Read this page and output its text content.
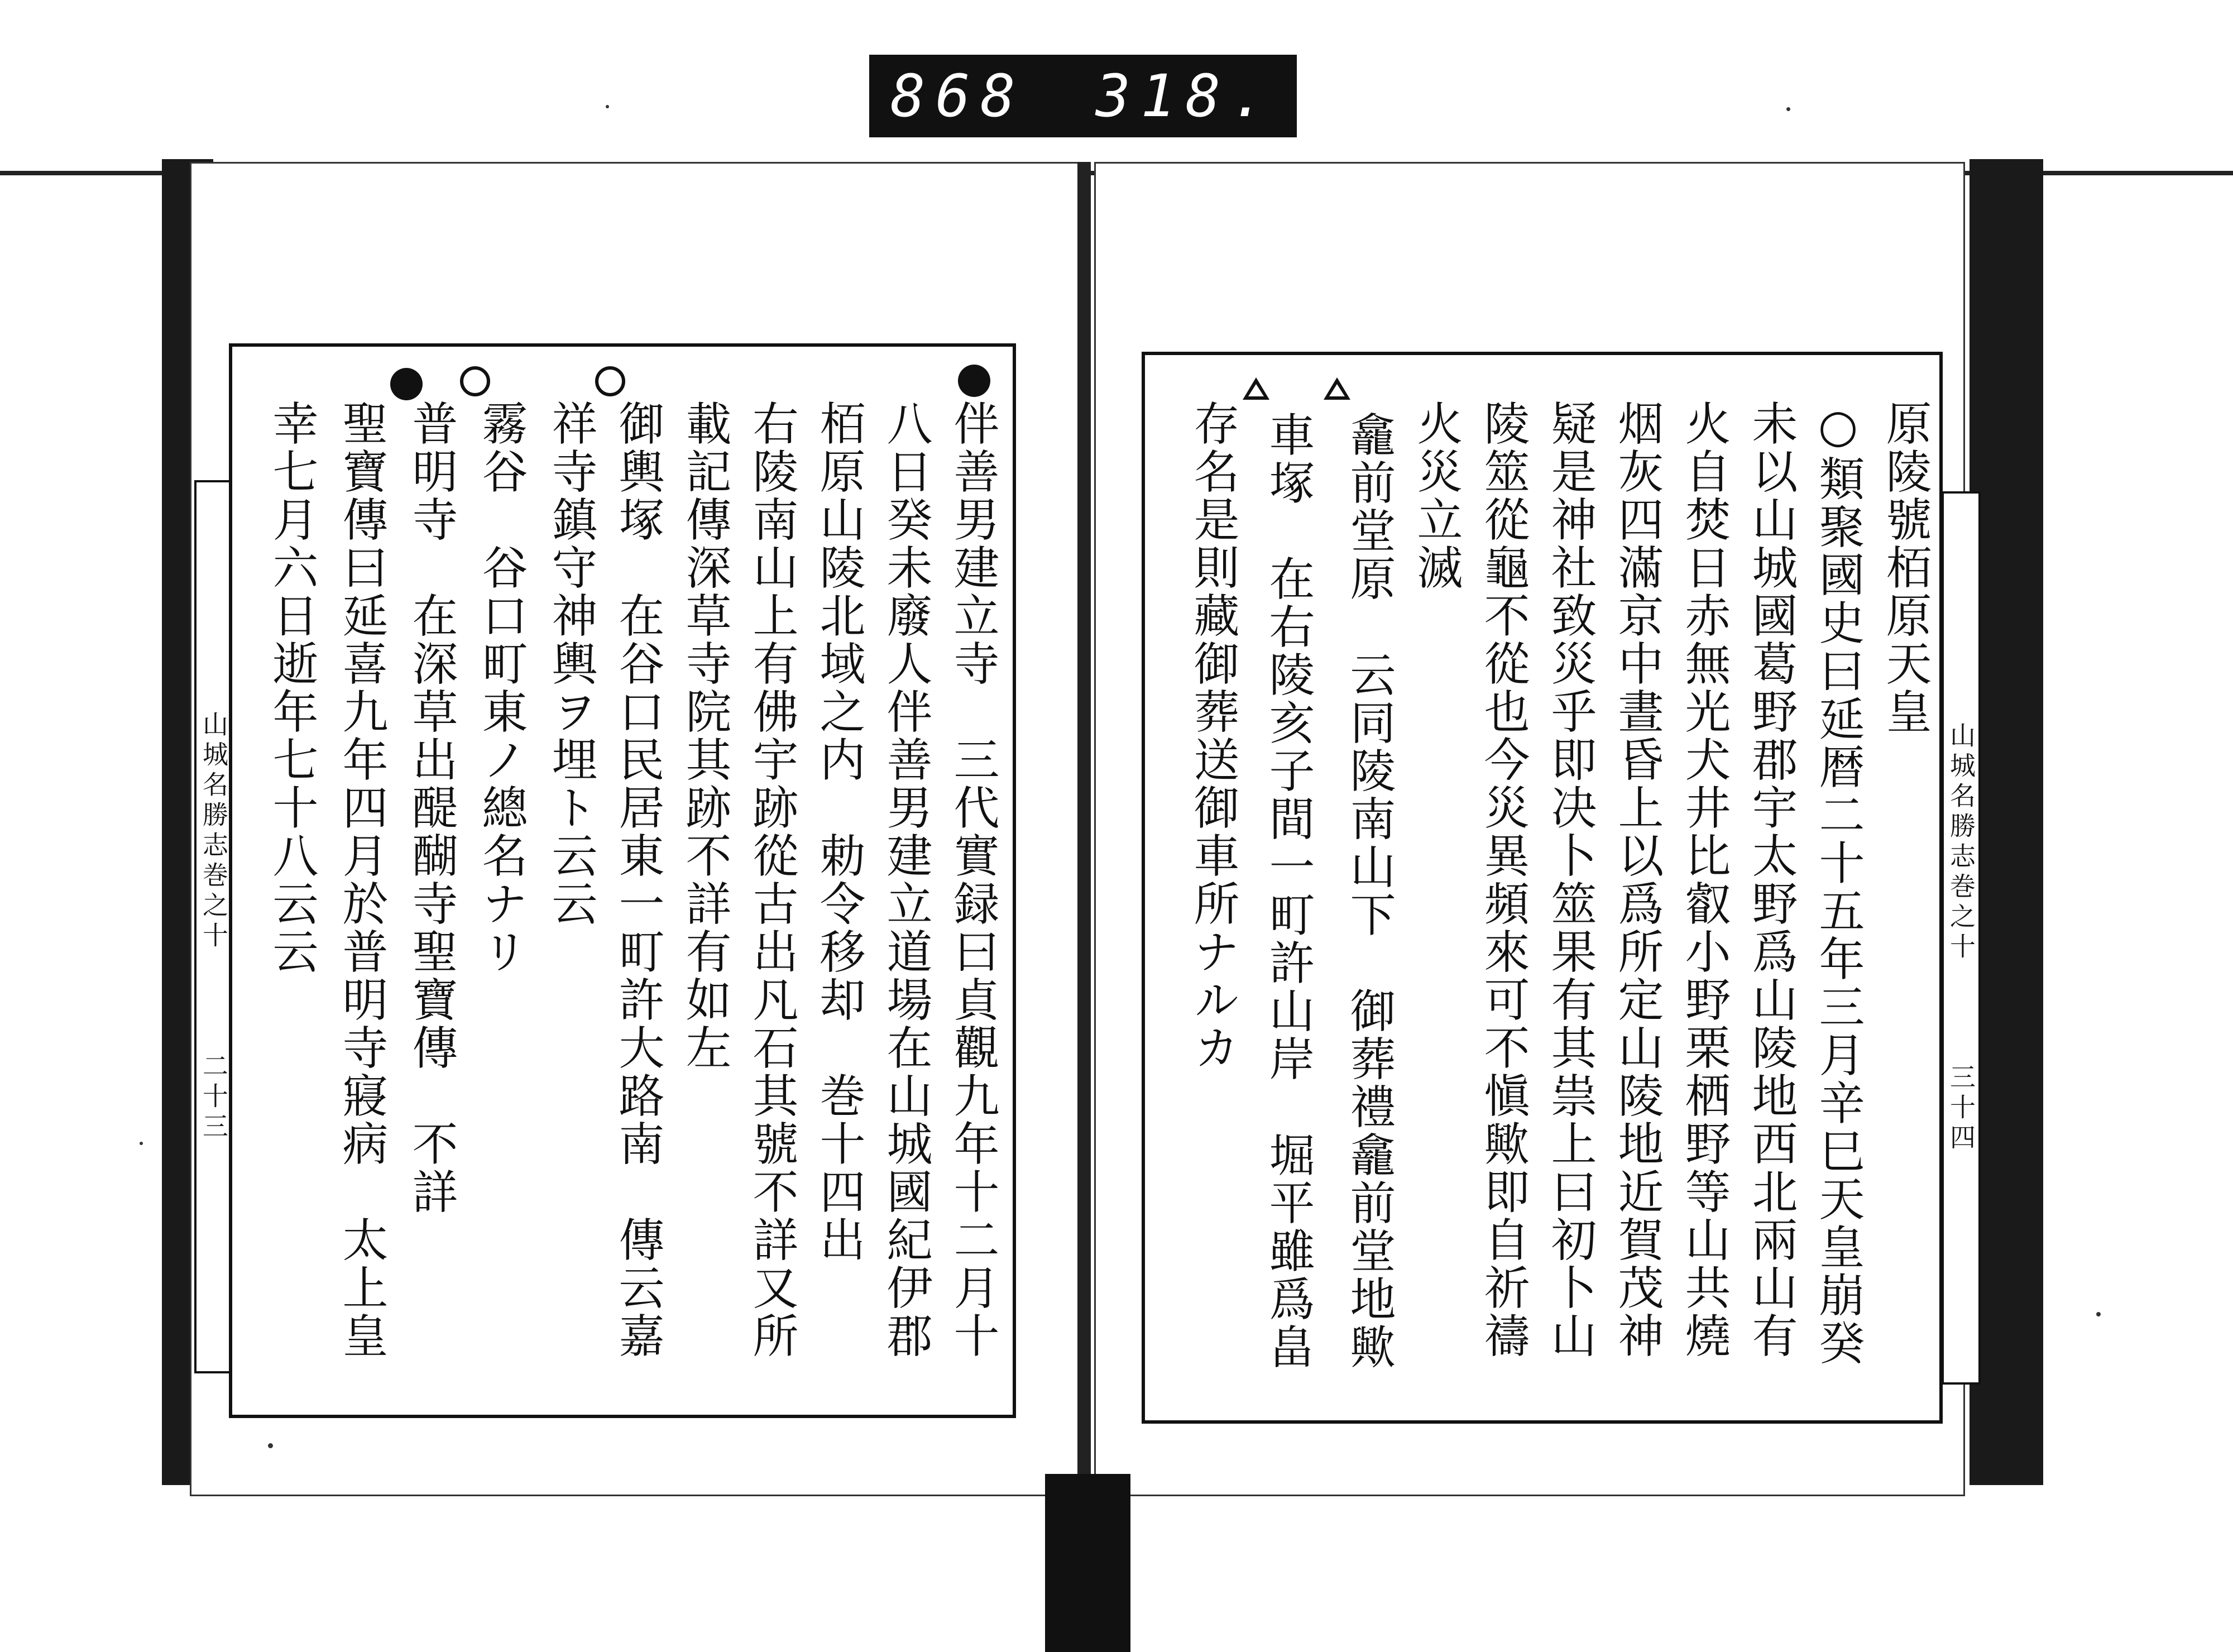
868 318.
山城名勝志巻之十
二十三
山城名勝志巻之十
三十四
伴善男建立寺　三代實録曰貞觀九年十二月十
八日癸未廢人伴善男建立道場在山城國紀伊郡
栢原山陵北域之内　勅令移却　巻十四出
右陵南山上有佛宇跡從古出凡石其號不詳又所
載記傳深草寺院其跡不詳有如左
御輿塚　在谷口民居東一町許大路南　傳云嘉
祥寺鎮守神輿ヲ埋ト云云
霧谷　谷口町東ノ總名ナリ
普明寺　在深草出醍醐寺聖寶傳　不詳
聖寶傳曰延喜九年四月於普明寺寢病　太上皇
幸七月六日逝年七十八云云	原陵號栢原天皇
○類聚國史曰延暦二十五年三月辛巳天皇崩癸
未以山城國葛野郡宇太野爲山陵地西北兩山有
火自焚日赤無光犬井比叡小野栗栖野等山共燒
烟灰四滿京中晝昏上以爲所定山陵地近賀茂神
疑是神社致災乎即决卜筮果有其祟上曰初卜山
陵筮從龜不從也今災異頻來可不愼歟即自祈禱
火災立滅
龕前堂原　云同陵南山下　御葬禮龕前堂地歟
車塚　在右陵亥子間一町許山岸　堀平雖爲畠
存名是則藏御葬送御車所ナルカ
